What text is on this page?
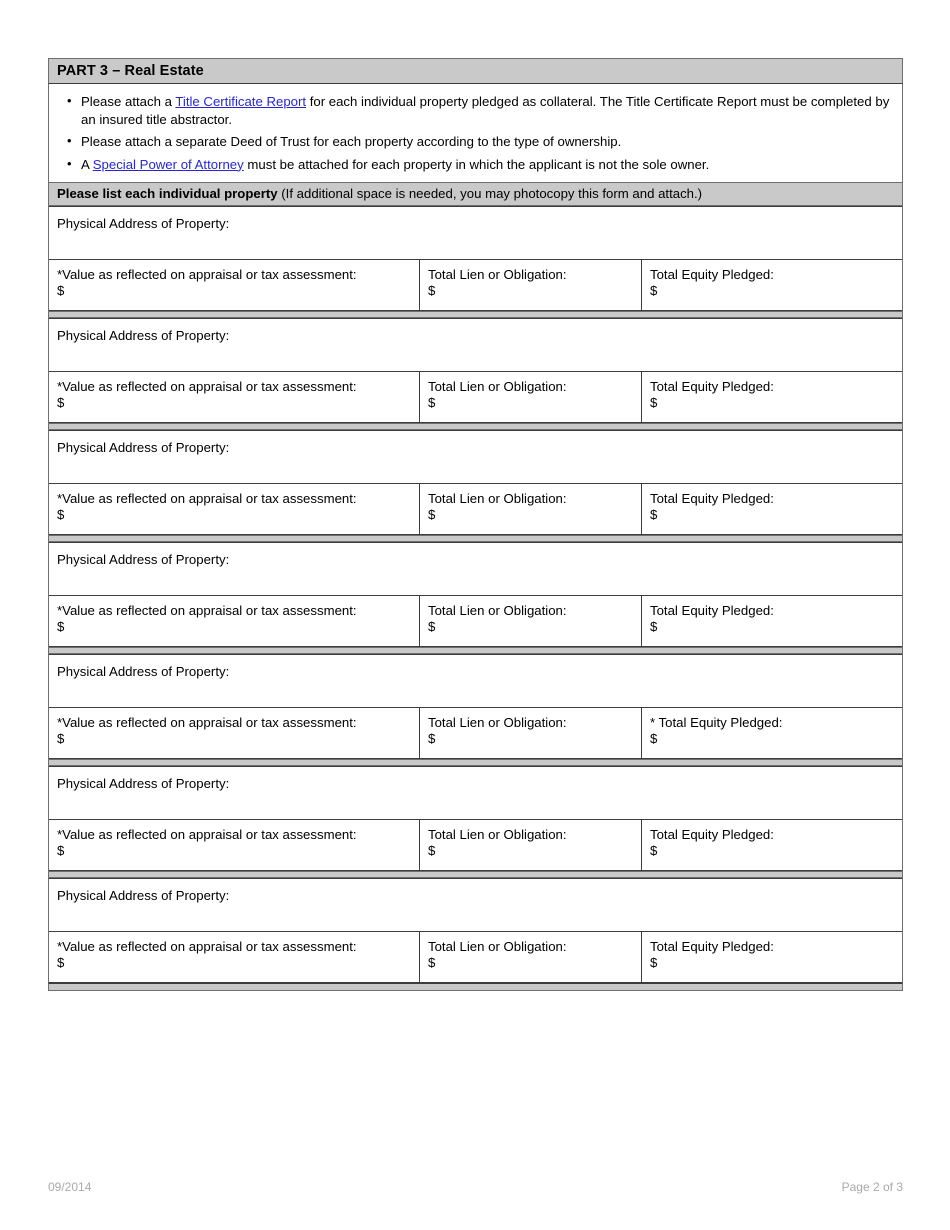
PART 3 – Real Estate
• Please attach a Title Certificate Report for each individual property pledged as collateral. The Title Certificate Report must be completed by an insured title abstractor.
• Please attach a separate Deed of Trust for each property according to the type of ownership.
• A Special Power of Attorney must be attached for each property in which the applicant is not the sole owner.
Please list each individual property (If additional space is needed, you may photocopy this form and attach.)
Physical Address of Property:
*Value as reflected on appraisal or tax assessment:
$
Total Lien or Obligation:
$
Total Equity Pledged:
$
Physical Address of Property:
*Value as reflected on appraisal or tax assessment:
$
Total Lien or Obligation:
$
Total Equity Pledged:
$
Physical Address of Property:
*Value as reflected on appraisal or tax assessment:
$
Total Lien or Obligation:
$
Total Equity Pledged:
$
Physical Address of Property:
*Value as reflected on appraisal or tax assessment:
$
Total Lien or Obligation:
$
Total Equity Pledged:
$
Physical Address of Property:
*Value as reflected on appraisal or tax assessment:
$
Total Lien or Obligation:
$
* Total Equity Pledged:
$
Physical Address of Property:
*Value as reflected on appraisal or tax assessment:
$
Total Lien or Obligation:
$
Total Equity Pledged:
$
Physical Address of Property:
*Value as reflected on appraisal or tax assessment:
$
Total Lien or Obligation:
$
Total Equity Pledged:
$
09/2014	Page 2 of 3
